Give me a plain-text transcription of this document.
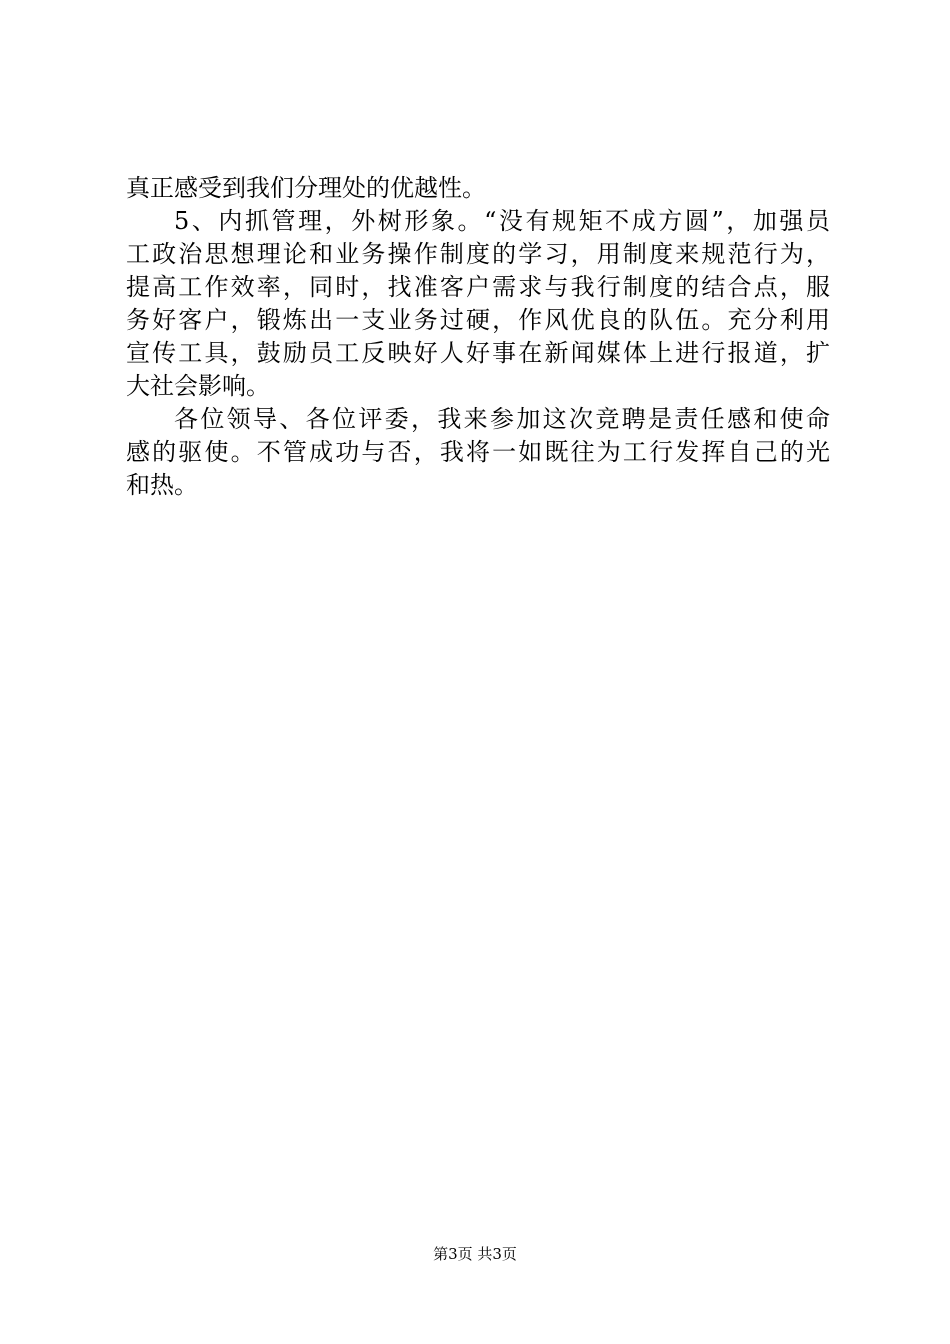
真正感受到我们分理处的优越性。
5、内抓管理，外树形象。“没有规矩不成方圆”，加强员
工政治思想理论和业务操作制度的学习，用制度来规范行为，
提高工作效率，同时，找准客户需求与我行制度的结合点，服
务好客户，锻炼出一支业务过硬，作风优良的队伍。充分利用
宣传工具，鼓励员工反映好人好事在新闻媒体上进行报道，扩
大社会影响。
各位领导、各位评委，我来参加这次竞聘是责任感和使命
感的驱使。不管成功与否，我将一如既往为工行发挥自己的光
和热。
第3页 共3页
